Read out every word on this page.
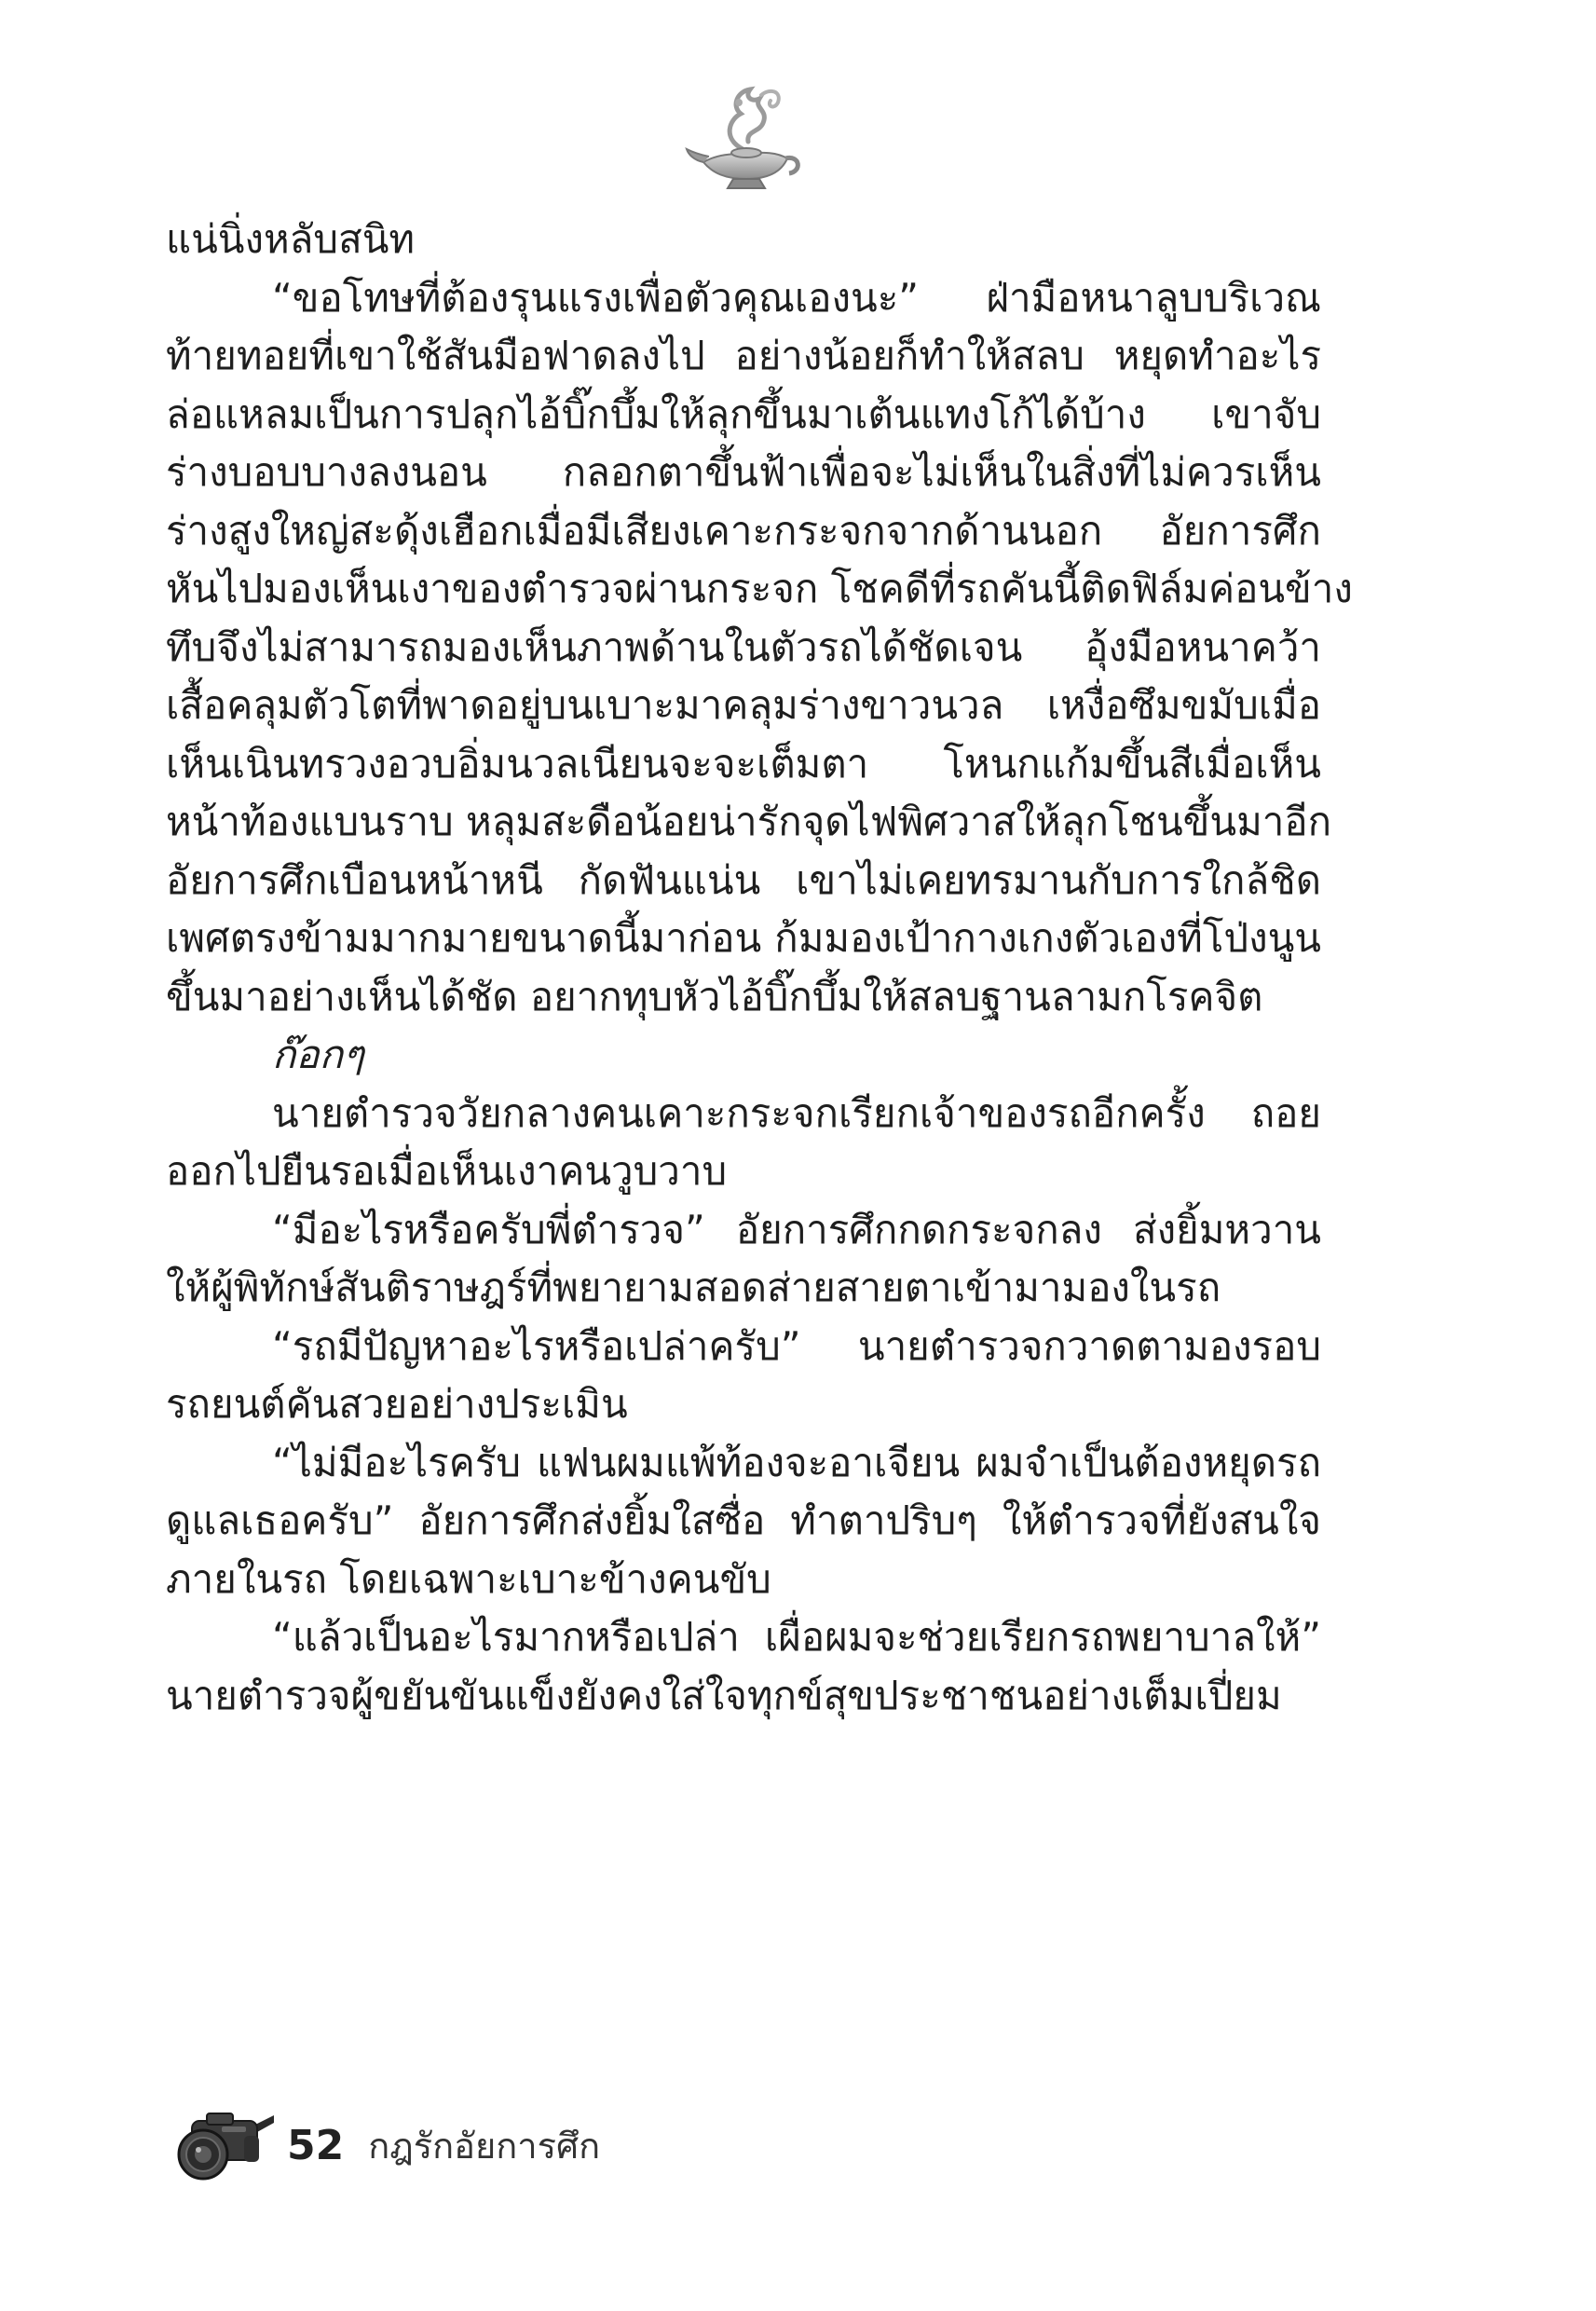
แน่นิ่งหลับสนิท
“ขอโทษที่ต้องรุนแรงเพื่อตัวคุณเองนะ” ฝ่ามือหนาลูบบริเวณ
ท้ายทอยที่เขาใช้สันมือฟาดลงไป อย่างน้อยก็ทำให้สลบ หยุดทำอะไร
ล่อแหลมเป็นการปลุกไอ้บิ๊กบึ้มให้ลุกขึ้นมาเต้นแทงโก้ได้บ้าง เขาจับ
ร่างบอบบางลงนอน กลอกตาขึ้นฟ้าเพื่อจะไม่เห็นในสิ่งที่ไม่ควรเห็น
ร่างสูงใหญ่สะดุ้งเฮือกเมื่อมีเสียงเคาะกระจกจากด้านนอก อัยการศึก
หันไปมองเห็นเงาของตำรวจผ่านกระจก โชคดีที่รถคันนี้ติดฟิล์มค่อนข้าง
ทึบจึงไม่สามารถมองเห็นภาพด้านในตัวรถได้ชัดเจน อุ้งมือหนาคว้า
เสื้อคลุมตัวโตที่พาดอยู่บนเบาะมาคลุมร่างขาวนวล เหงื่อซึมขมับเมื่อ
เห็นเนินทรวงอวบอิ่มนวลเนียนจะจะเต็มตา โหนกแก้มขึ้นสีเมื่อเห็น
หน้าท้องแบนราบ หลุมสะดือน้อยน่ารักจุดไฟพิศวาสให้ลุกโชนขึ้นมาอีก
อัยการศึกเบือนหน้าหนี กัดฟันแน่น เขาไม่เคยทรมานกับการใกล้ชิด
เพศตรงข้ามมากมายขนาดนี้มาก่อน ก้มมองเป้ากางเกงตัวเองที่โป่งนูน
ขึ้นมาอย่างเห็นได้ชัด อยากทุบหัวไอ้บิ๊กบึ้มให้สลบฐานลามกโรคจิต
ก๊อกๆ
นายตำรวจวัยกลางคนเคาะกระจกเรียกเจ้าของรถอีกครั้ง ถอย
ออกไปยืนรอเมื่อเห็นเงาคนวูบวาบ
“มีอะไรหรือครับพี่ตำรวจ” อัยการศึกกดกระจกลง ส่งยิ้มหวาน
ให้ผู้พิทักษ์สันติราษฎร์ที่พยายามสอดส่ายสายตาเข้ามามองในรถ
“รถมีปัญหาอะไรหรือเปล่าครับ” นายตำรวจกวาดตามองรอบ
รถยนต์คันสวยอย่างประเมิน
“ไม่มีอะไรครับ แฟนผมแพ้ท้องจะอาเจียน ผมจำเป็นต้องหยุดรถ
ดูแลเธอครับ” อัยการศึกส่งยิ้มใสซื่อ ทำตาปริบๆ ให้ตำรวจที่ยังสนใจ
ภายในรถ โดยเฉพาะเบาะข้างคนขับ
“แล้วเป็นอะไรมากหรือเปล่า เผื่อผมจะช่วยเรียกรถพยาบาลให้”
นายตำรวจผู้ขยันขันแข็งยังคงใส่ใจทุกข์สุขประชาชนอย่างเต็มเปี่ยม
52 กฎรักอัยการศึก
